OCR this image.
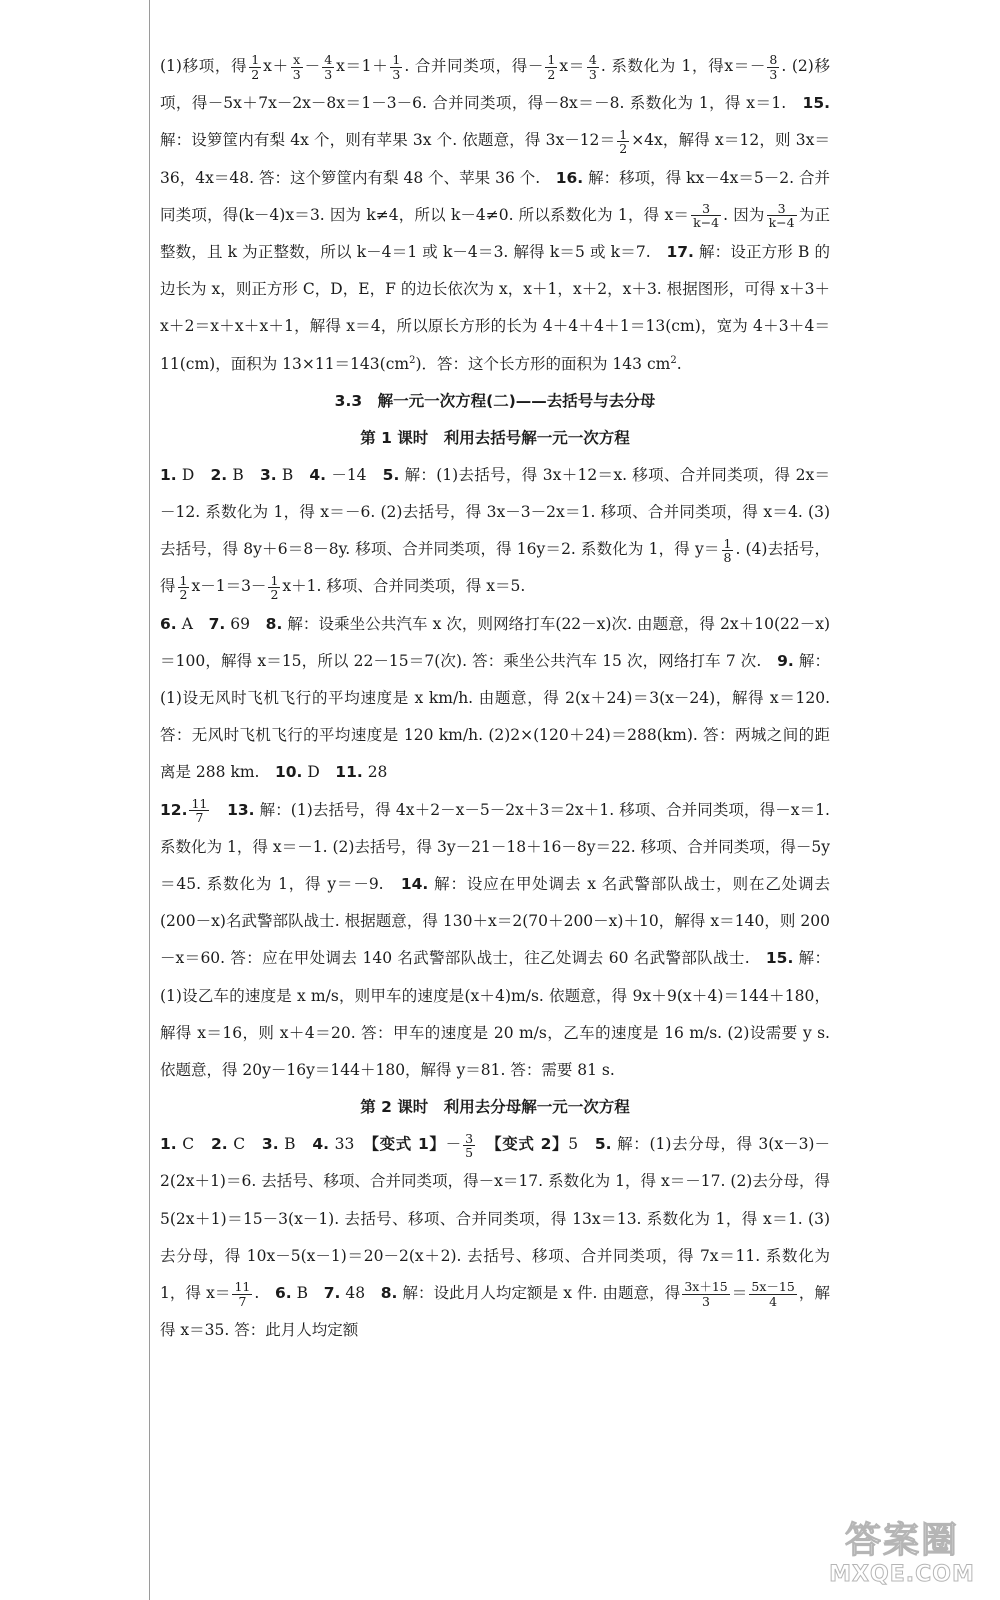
(1)移项，得 $\frac{1}{2} x+ \frac{x}{3} - \frac{4}{3} x=1+ \frac{1}{3}$ . 合并同类项，得－ $\frac{1}{2} x= \frac{4}{3}$ . 系数化为 1，得$x=- \frac{8}{3}$ . (2)移项，得－5x＋7x－2x－8x＝1－3－6. 合并同类项，得－8x＝－8. 系数化为 1，得 x＝1.　15. 解：设箩筐内有梨 4x 个，则有苹果 3x 个. 依题意，得 $3x-12= \frac{1}{2} \times 4x$，解得 x＝12，则 3x＝36，4x＝48. 答：这个箩筐内有梨 48 个、苹果 36 个.　16. 解：移项，得 kx－4x＝5－2. 合并同类项，得(k－4)x＝3. 因为 k≠4，所以 k－4≠0. 所以系数化为 1，得 $x= \frac{3}{k-4}$ . 因为 $\frac{3}{k-4}$ 为正整数，且 k 为正整数，所以 k－4＝1 或 k－4＝3. 解得 k＝5 或 k＝7.　17. 解：设正方形 B 的边长为 x，则正方形 C，D，E，F 的边长依次为 x，x＋1，x＋2，x＋3. 根据图形，可得 x＋3＋x＋2＝x＋x＋x＋1，解得 x＝4，所以原长方形的长为 4＋4＋4＋1＝13(cm)，宽为 4＋3＋4＝11(cm)，面积为 $13\times 11=143(cm^2)$．答：这个长方形的面积为 143 $cm^2$.

3.3　解一元一次方程(二)——去括号与去分母
第 1 课时　利用去括号解一元一次方程

1. D　2. B　3. B　4. －14　5. 解：(1)去括号，得 3x＋12＝x. 移项、合并同类项，得 2x＝－12. 系数化为 1，得 x＝－6. (2)去括号，得 3x－3－2x＝1. 移项、合并同类项，得 x＝4. (3)去括号，得 8y＋6＝8－8y. 移项、合并同类项，得 16y＝2. 系数化为 1，得 $y= \frac{1}{8}$ . (4)去括号，得 $\frac{1}{2} x-1=3- \frac{1}{2} x+1$. 移项、合并同类项，得 x＝5.

6. A　7. 69　8. 解：设乘坐公共汽车 x 次，则网络打车(22－x)次. 由题意，得 2x＋10(22－x)＝100，解得 x＝15，所以 22－15＝7(次). 答：乘坐公共汽车 15 次，网络打车 7 次.　9. 解：(1)设无风时飞机飞行的平均速度是 x km/h. 由题意，得 2(x＋24)＝3(x－24)，解得 x＝120. 答：无风时飞机飞行的平均速度是 120 km/h. (2)2×(120＋24)＝288(km). 答：两城之间的距离是 288 km.　10. D　11. 28

12. $\frac{11}{7}$
　 13. 解：(1)去括号，得 4x＋2－x－5－2x＋3＝2x＋1. 移项、合并同类项，得－x＝1. 系数化为 1，得 x＝－1. (2)去括号，得 3y－21－18＋16－8y＝22. 移项、合并同类项，得－5y＝45. 系数化为 1，得 y＝－9.　14. 解：设应在甲处调去 x 名武警部队战士，则在乙处调去(200－x)名武警部队战士. 根据题意，得 130＋x＝2(70＋200－x)＋10，解得 x＝140，则 200－x＝60. 答：应在甲处调去 140 名武警部队战士，往乙处调去 60 名武警部队战士.　15. 解：(1)设乙车的速度是 x m/s，则甲车的速度是(x＋4)m/s. 依题意，得 9x＋9(x＋4)＝144＋180，解得 x＝16，则 x＋4＝20. 答：甲车的速度是 20 m/s，乙车的速度是 16 m/s. (2)设需要 y s. 依题意，得 20y－16y＝144＋180，解得 y＝81. 答：需要 81 s.

第 2 课时　利用去分母解一元一次方程

1. C　2. C　3. B　4. 33　【变式 1】－ $\frac{3}{5}$
　 【变式 2】5　5. 解：(1)去分母，得 3(x－3)－2(2x＋1)＝6. 去括号、移项、合并同类项，得－x＝17. 系数化为 1，得 x＝－17. (2)去分母，得 5(2x＋1)＝15－3(x－1). 去括号、移项、合并同类项，得 13x＝13. 系数化为 1，得 x＝1. (3)去分母，得 10x－5(x－1)＝20－2(x＋2). 去括号、移项、合并同类项，得 7x＝11. 系数化为 1，得 $x= \frac{11}{7}$ .　6. B　7. 48　8. 解：设此月人均定额是 x 件. 由题意，得 $\frac{3x+15}{3} = \frac{5x-15}{4}$ ，解得 x＝35. 答：此月人均定额

答案圈
MXQE.COM
